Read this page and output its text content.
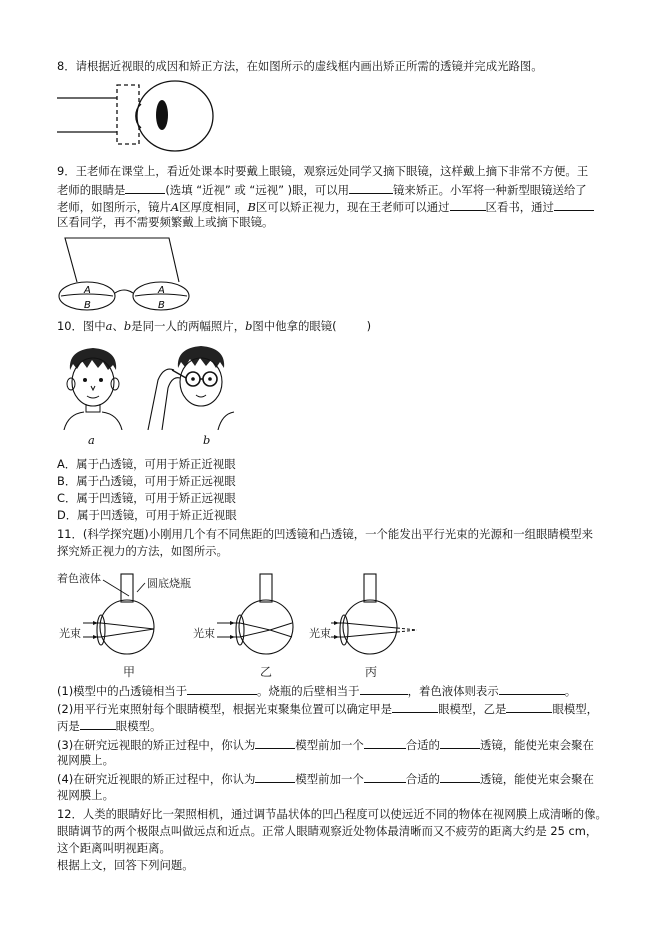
8．请根据近视眼的成因和矫正方法，在如图所示的虚线框内画出矫正所需的透镜并完成光路图。
9．王老师在课堂上，看近处课本时要戴上眼镜，观察远处同学又摘下眼镜，这样戴上摘下非常不方便。王
老师的眼睛是	(选填 “近视” 或 “远视” )眼，可以用	镜来矫正。小军将一种新型眼镜送给了
老师，如图所示，镜片A区厚度相同，B区可以矫正视力，现在王老师可以通过	区看书，通过
区看同学，再不需要频繁戴上或摘下眼镜。
A
B
A
B
10．图中a、b是同一人的两幅照片，b图中他拿的眼镜(	)
a	b
A．属于凸透镜，可用于矫正近视眼
B．属于凸透镜，可用于矫正远视眼
C．属于凹透镜，可用于矫正远视眼
D．属于凹透镜，可用于矫正近视眼
11．(科学探究题)小刚用几个有不同焦距的凹透镜和凸透镜，一个能发出平行光束的光源和一组眼睛模型来
探究矫正视力的方法，如图所示。
着色液体	圆底烧瓶
光束
甲
光束
乙
光束
丙
(1)模型中的凸透镜相当于	。烧瓶的后壁相当于	，着色液体则表示	。
(2)用平行光束照射每个眼睛模型，根据光束聚集位置可以确定甲是	眼模型，乙是	眼模型，
丙是	眼模型。
(3)在研究远视眼的矫正过程中，你认为	模型前加一个	合适的	透镜，能使光束会聚在
视网膜上。
(4)在研究近视眼的矫正过程中，你认为	模型前加一个	合适的	透镜，能使光束会聚在
视网膜上。
12．人类的眼睛好比一架照相机，通过调节晶状体的凹凸程度可以使远近不同的物体在视网膜上成清晰的像。
眼睛调节的两个极限点叫做远点和近点。正常人眼睛观察近处物体最清晰而又不疲劳的距离大约是 25 cm，
这个距离叫明视距离。
根据上文，回答下列问题。
